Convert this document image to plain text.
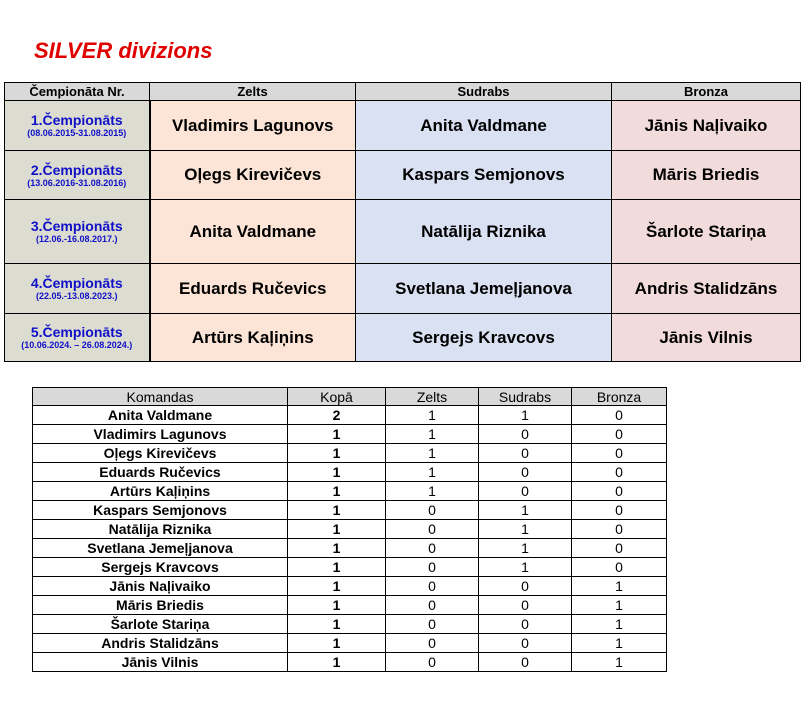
SILVER divizions
Čempionāta Nr.	Zelts	Sudrabs	Bronza

1.Čempionāts
(08.06.2015-31.08.2015)	Vladimirs Lagunovs	Anita Valdmane	Jānis Naļivaiko

2.Čempionāts
(13.06.2016-31.08.2016)	Oļegs Kirevičevs	Kaspars Semjonovs	Māris Briedis

3.Čempionāts
(12.06.-16.08.2017.)	Anita Valdmane	Natālija Riznika	Šarlote Stariņa

4.Čempionāts
(22.05.-13.08.2023.)	Eduards Ručevics	Svetlana Jemeļjanova	Andris Stalidzāns

5.Čempionāts
(10.06.2024. – 26.08.2024.)	Artūrs Kaļiņins	Sergejs Kravcovs	Jānis Vilnis
Komandas	Kopā	Zelts	Sudrabs	Bronza
Anita Valdmane	2	1	1	0
Vladimirs Lagunovs	1	1	0	0
Oļegs Kirevičevs	1	1	0	0
Eduards Ručevics	1	1	0	0
Artūrs Kaļiņins	1	1	0	0
Kaspars Semjonovs	1	0	1	0
Natālija Riznika	1	0	1	0
Svetlana Jemeļjanova	1	0	1	0
Sergejs Kravcovs	1	0	1	0
Jānis Naļivaiko	1	0	0	1
Māris Briedis	1	0	0	1
Šarlote Stariņa	1	0	0	1
Andris Stalidzāns	1	0	0	1
Jānis Vilnis	1	0	0	1
